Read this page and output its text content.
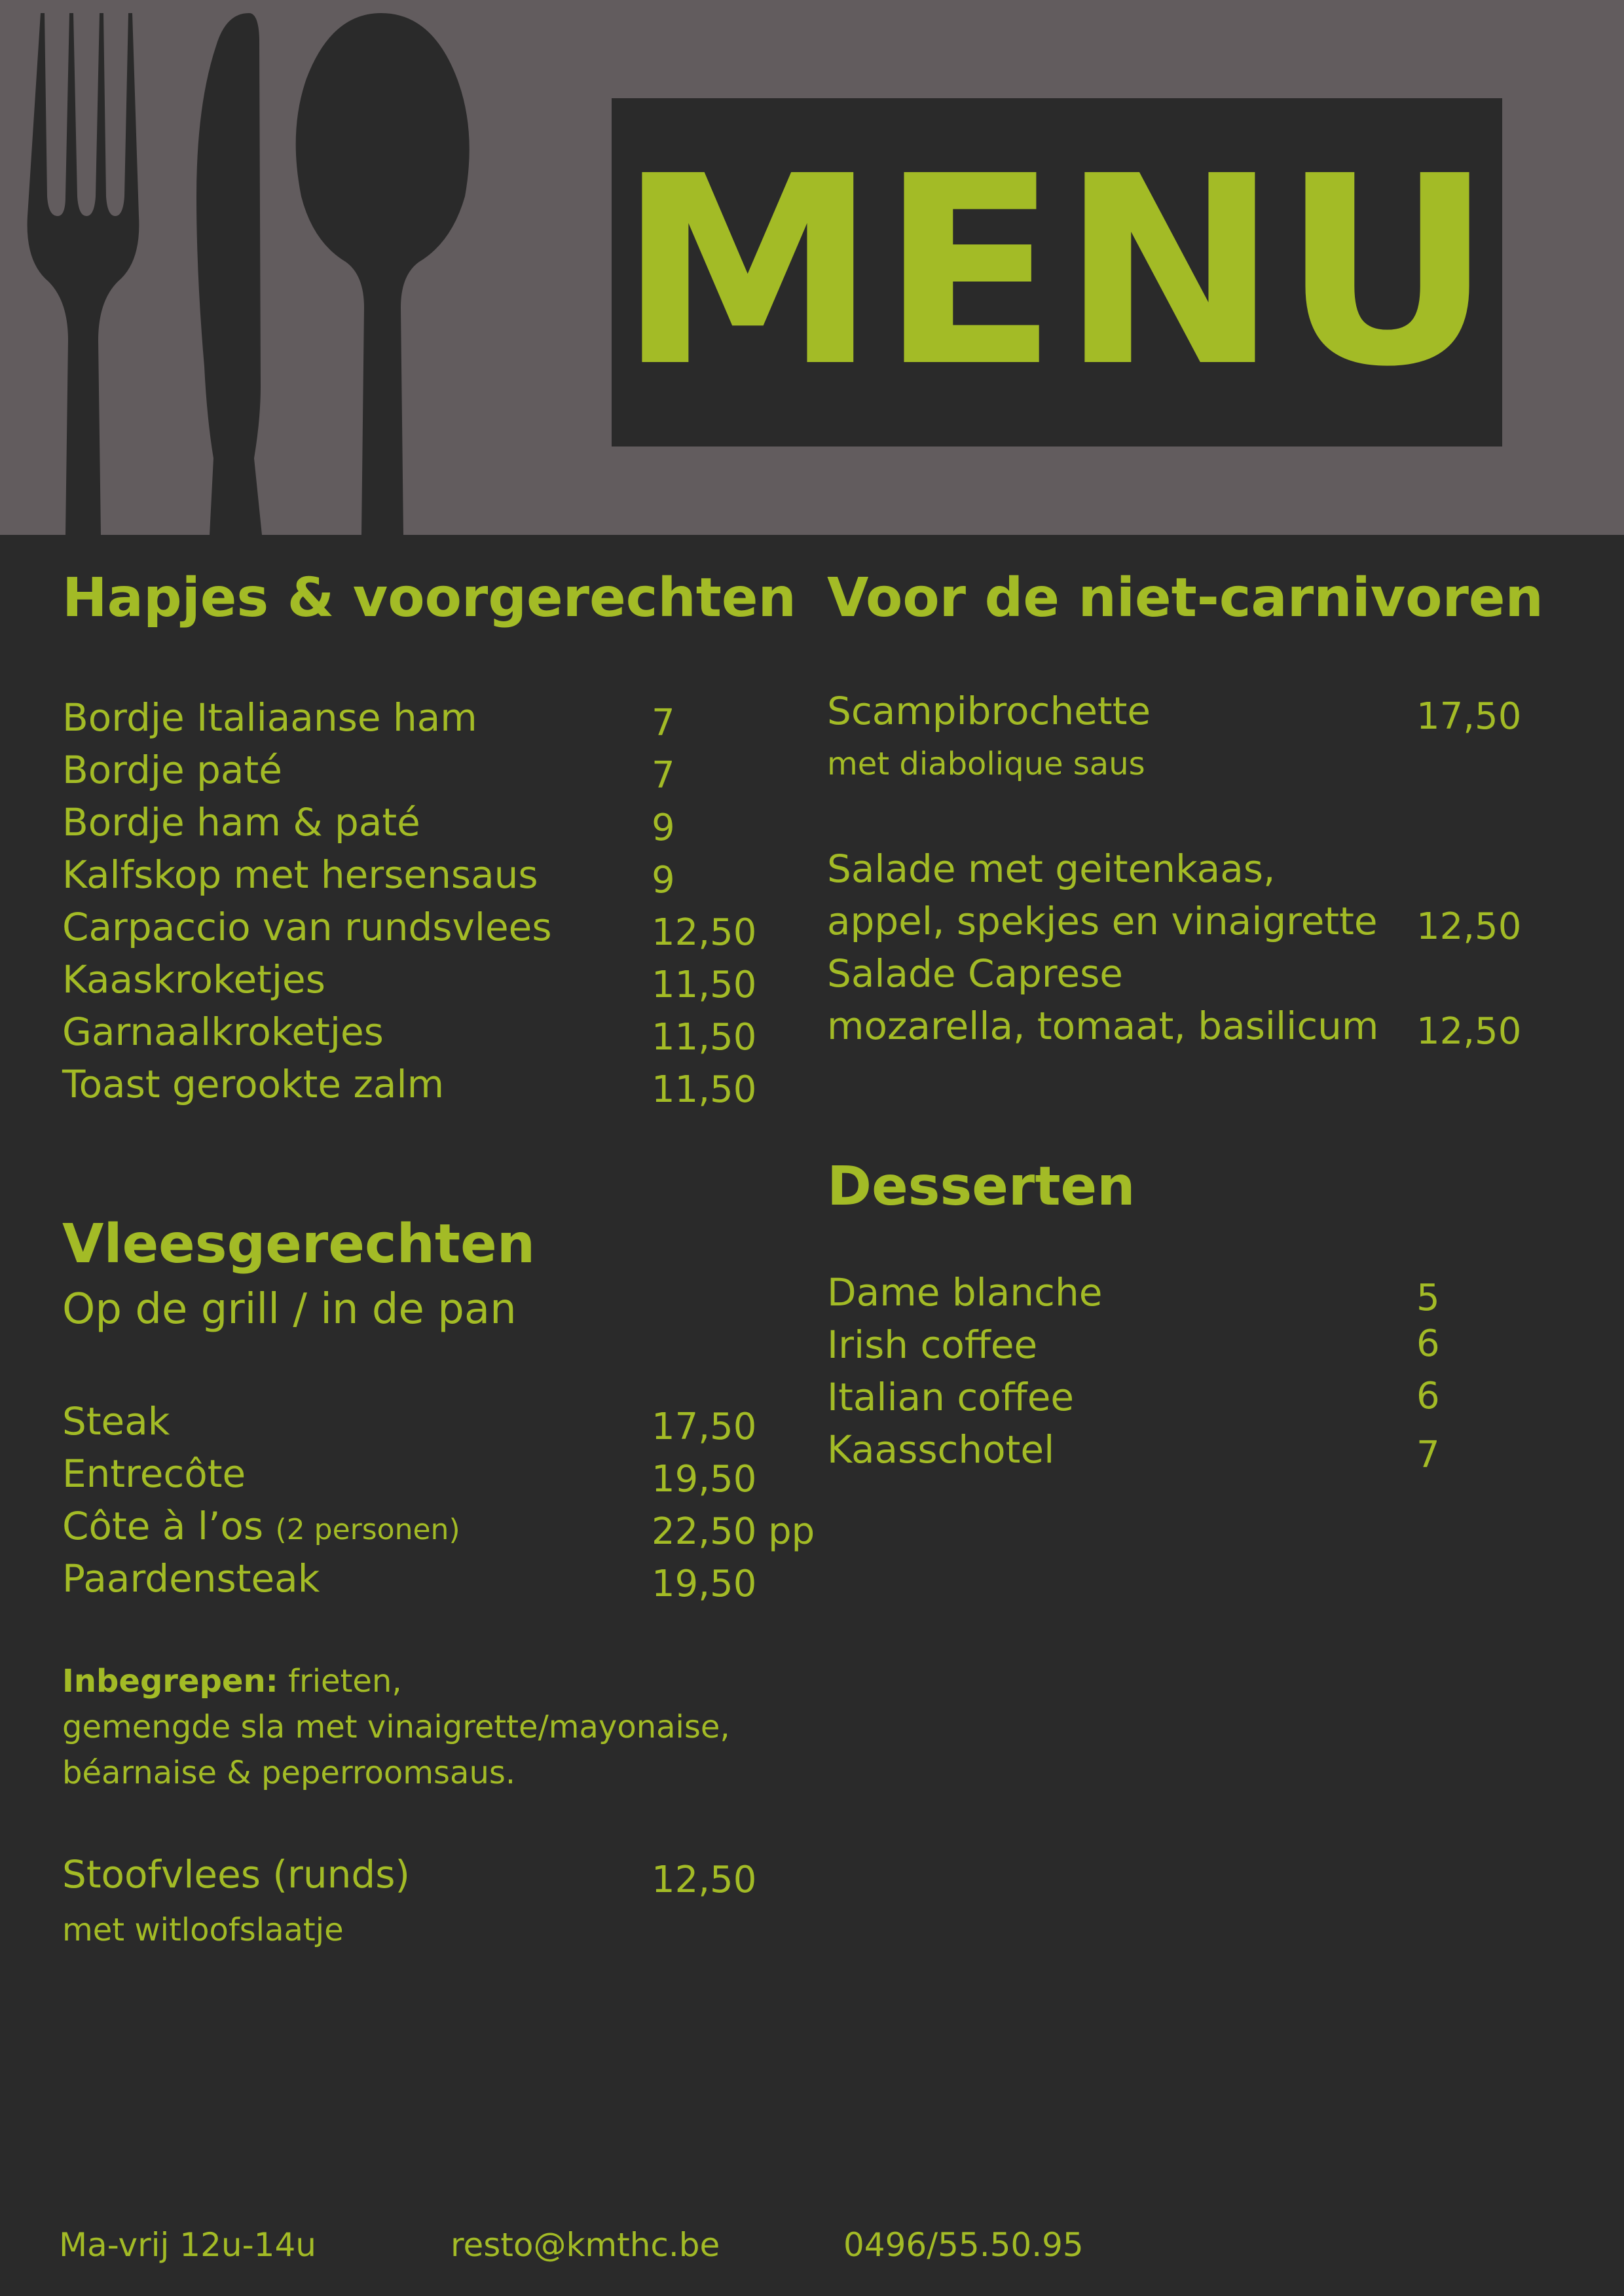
MENU
Hapjes & voorgerechten
Bordje Italiaanse ham	7
Bordje paté	7
Bordje ham & paté	9
Kalfskop met hersensaus	9
Carpaccio van rundsvlees	12,50
Kaaskroketjes	11,50
Garnaalkroketjes	11,50
Toast gerookte zalm	11,50
Vleesgerechten
Op de grill / in de pan
Steak	17,50
Entrecôte	19,50
Côte à l’os (2 personen)	22,50 pp
Paardensteak	19,50
Inbegrepen: frieten,
gemengde sla met vinaigrette/mayonaise,
béarnaise & peperroomsaus.
Stoofvlees (runds)	12,50
met witloofslaatje
Voor de niet-carnivoren
Scampibrochette	17,50
met diabolique saus
Salade met geitenkaas,
appel, spekjes en vinaigrette 12,50
Salade Caprese
mozarella, tomaat, basilicum 12,50
Desserten
Dame blanche	5
Irish coffee	6
Italian coffee	6
Kaasschotel	7
Ma-vrij 12u-14u	resto@kmthc.be	0496/55.50.95
